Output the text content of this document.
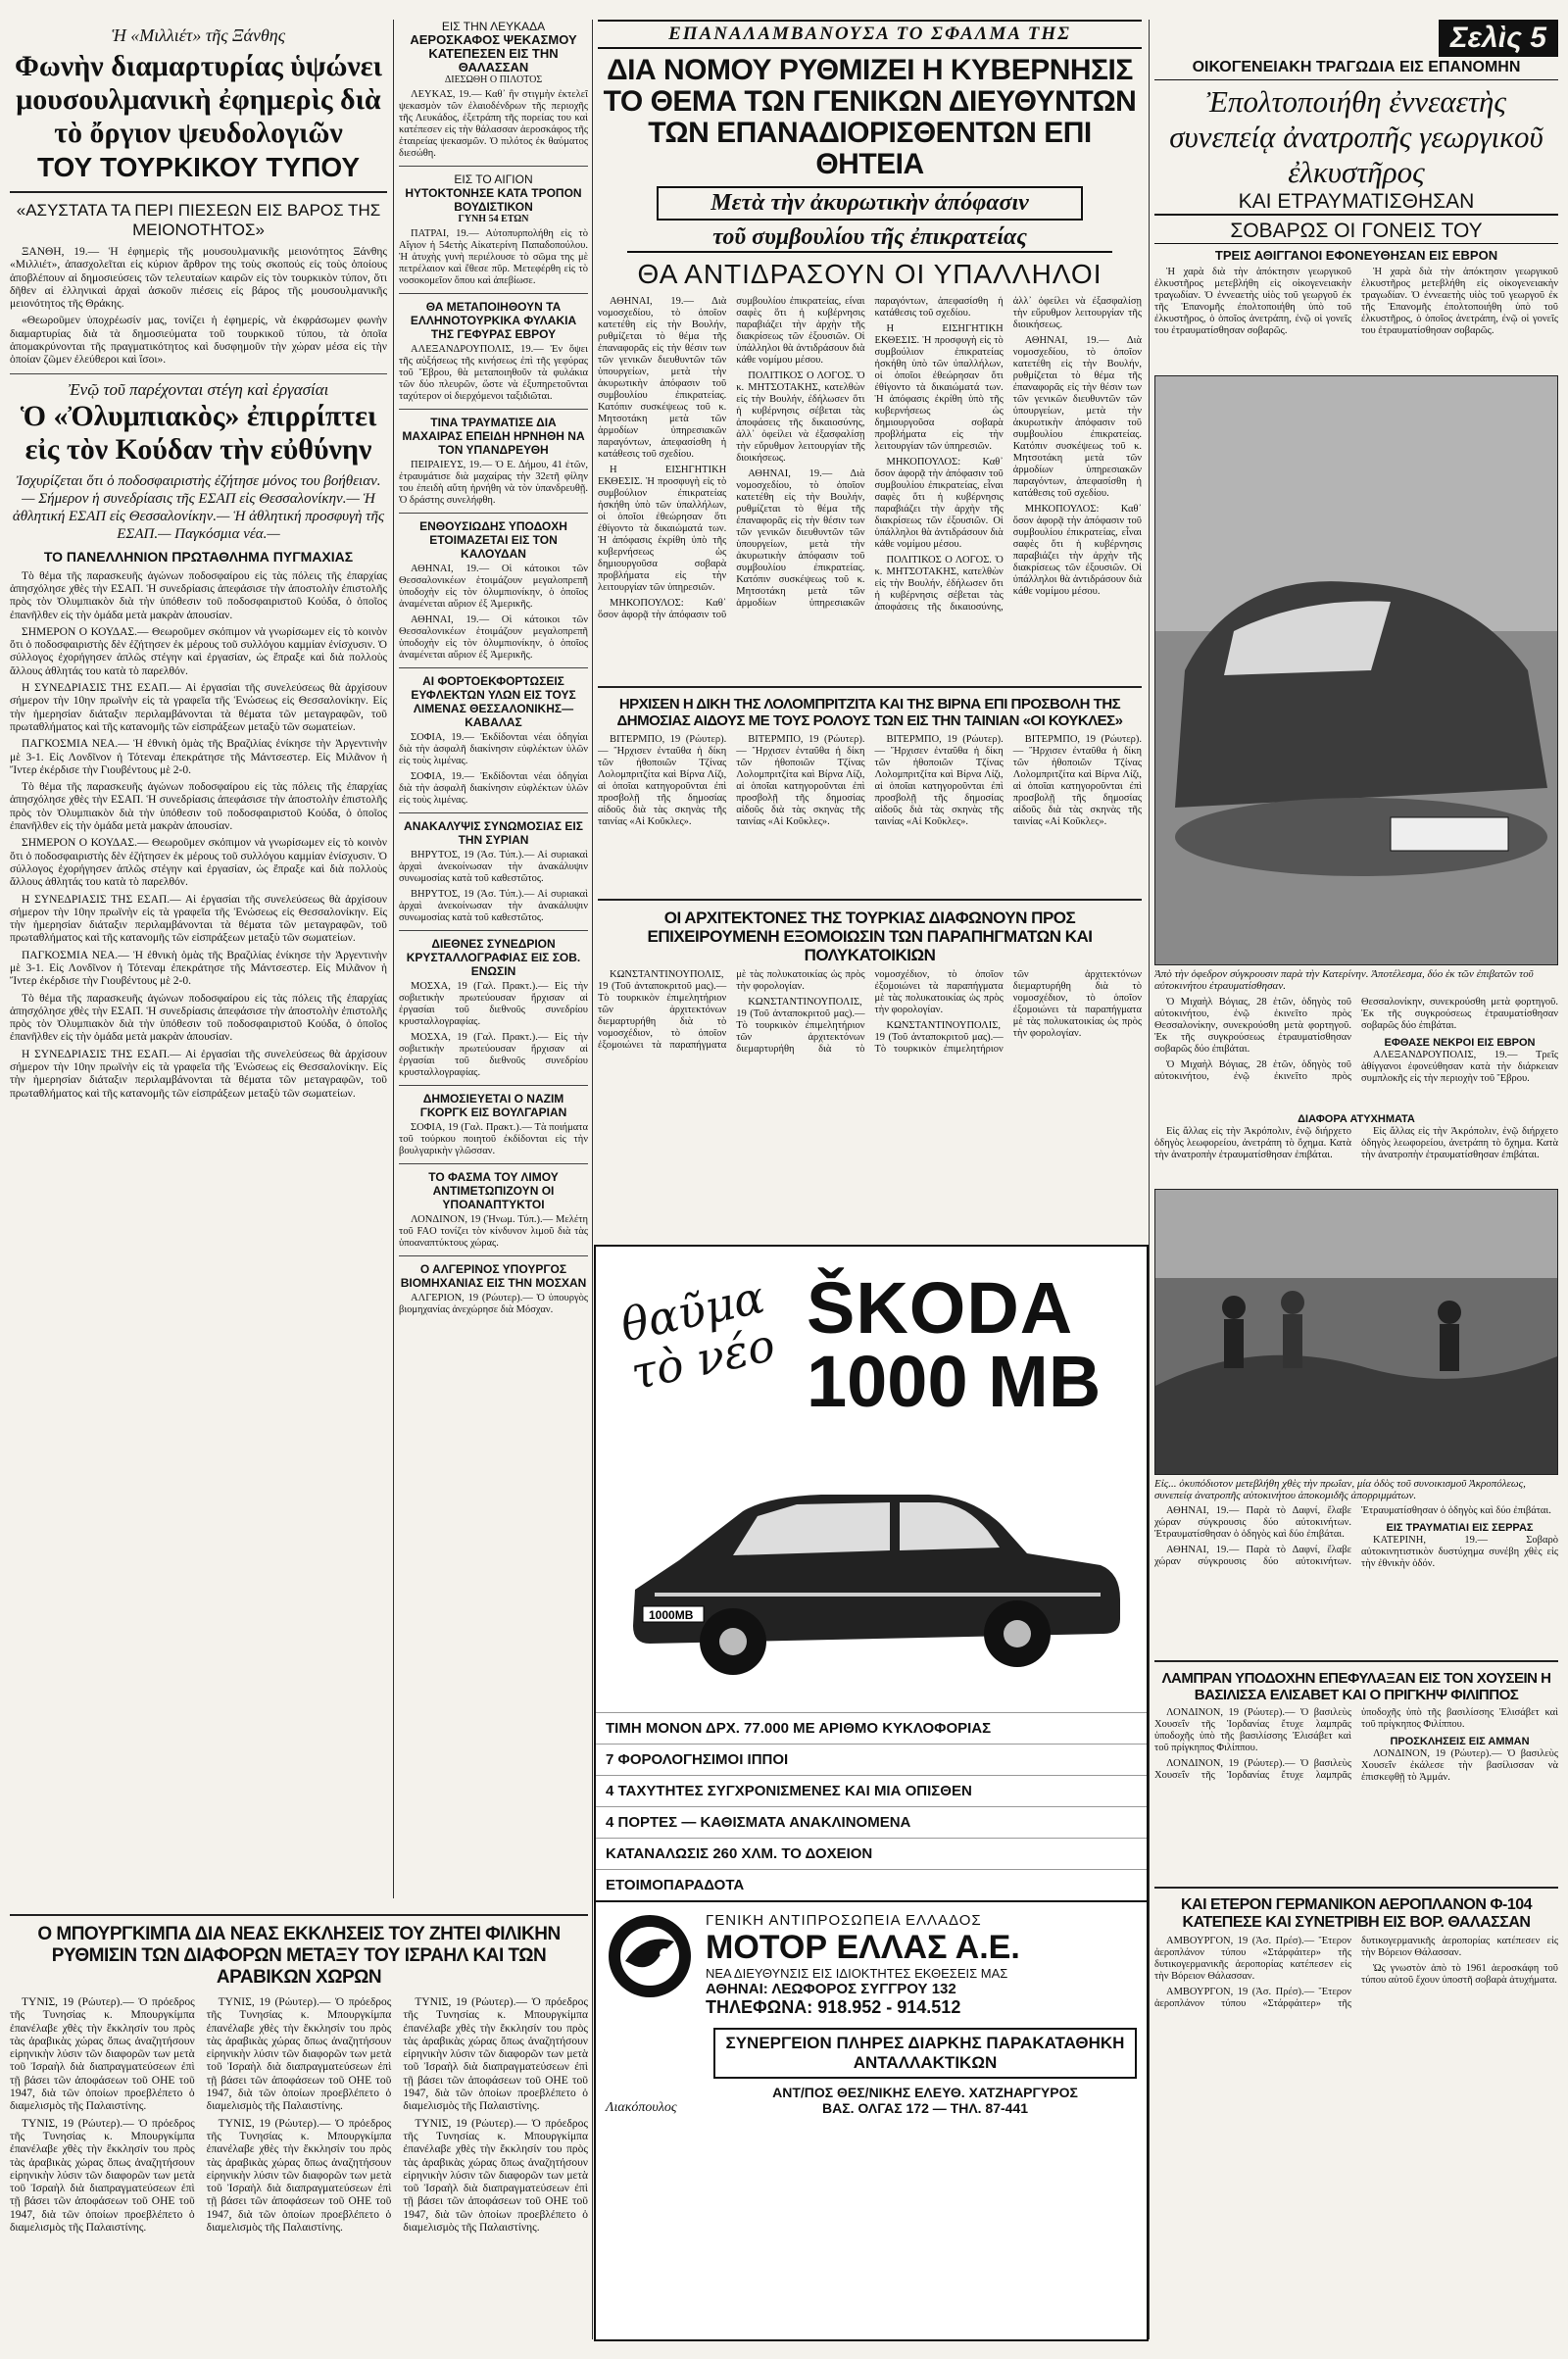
Ἡ «Μιλλιέτ» τῆς Ξάνθης
Φωνὴν διαμαρτυρίας ὑψώνει μουσουλμανικὴ ἐφημερὶς διὰ τὸ ὄργιον ψευδολογιῶν
ΤΟΥ ΤΟΥΡΚΙΚΟΥ ΤΥΠΟΥ
«ΑΣΥΣΤΑΤΑ ΤΑ ΠΕΡΙ ΠΙΕΣΕΩΝ ΕΙΣ ΒΑΡΟΣ ΤΗΣ ΜΕΙΟΝΟΤΗΤΟΣ»

ΞΑΝΘΗ, 19.— Ἡ ἐφημερὶς τῆς μουσουλμανικῆς μειονότητος Ξάνθης «Μιλλιέτ», ἀπασχολεῖται εἰς κύριον ἄρθρον της τοὺς σκοπούς εἰς τοὺς ὁποίους ἀποβλέπουν αἱ δημοσιεύσεις τῶν τελευταίων καιρῶν εἰς τὸν τουρκικὸν τύπον, ὅτι δῆθεν αἱ ἑλληνικαὶ ἀρχαὶ ἀσκοῦν πιέσεις εἰς βάρος τῆς μουσουλμανικῆς μειονότητος τῆς Θράκης.

«Θεωροῦμεν ὑποχρέωσίν μας, τονίζει ἡ ἐφημερίς, νὰ ἐκφράσωμεν φωνὴν διαμαρτυρίας διὰ τὰ δημοσιεύματα τοῦ τουρκικοῦ τύπου, τὰ ὁποῖα ἀπομακρύνονται τῆς πραγματικότητος καὶ δυσφημοῦν τὴν χώραν μέσα εἰς τὴν ὁποίαν ζῶμεν ἐλεύθεροι καὶ ἴσοι».

Ἐνῷ τοῦ παρέχονται στέγη καὶ ἐργασίαι
Ὁ «Ὀλυμπιακὸς» ἐπιρρίπτει εἰς τὸν Κούδαν τὴν εὐθύνην
Ἰσχυρίζεται ὅτι ὁ ποδοσφαιριστὴς ἐζήτησε μόνος του βοήθειαν.— Σήμερον ἡ συνεδρίασις τῆς ΕΣΑΠ εἰς Θεσσαλονίκην.— Ἡ ἀθλητική ΕΣΑΠ εἰς Θεσσαλονίκην.— Ἡ ἀθλητική προσφυγὴ τῆς ΕΣΑΠ.— Παγκόσμια νέα.—
ΤΟ ΠΑΝΕΛΛΗΝΙΟΝ ΠΡΩΤΑΘΛΗΜΑ ΠΥΓΜΑΧΙΑΣ

Τὸ θέμα τῆς παρασκευῆς ἀγώνων ποδοσφαίρου εἰς τὰς πόλεις τῆς ἐπαρχίας ἀπησχόλησε χθὲς τὴν ΕΣΑΠ. Ἡ συνεδρίασις ἀπεφάσισε τὴν ἀποστολὴν ἐπιστολῆς πρὸς τὸν Ὀλυμπιακὸν διὰ τὴν ὑπόθεσιν τοῦ ποδοσφαιριστοῦ Κούδα, ὁ ὁποῖος ἐπανῆλθεν εἰς τὴν ὁμάδα μετὰ μακρὰν ἀπουσίαν.

ΣΗΜΕΡΟΝ Ο ΚΟΥΔΑΣ.— Θεωροῦμεν σκόπιμον νὰ γνωρίσωμεν εἰς τὸ κοινὸν ὅτι ὁ ποδοσφαιριστὴς δὲν ἐζήτησεν ἐκ μέρους τοῦ συλλόγου καμμίαν ἐνίσχυσιν. Ὁ σύλλογος ἐχορήγησεν ἁπλῶς στέγην καὶ ἐργασίαν, ὡς ἔπραξε καὶ διὰ πολλοὺς ἄλλους ἀθλητάς του κατὰ τὸ παρελθόν.

Η ΣΥΝΕΔΡΙΑΣΙΣ ΤΗΣ ΕΣΑΠ.— Αἱ ἐργασίαι τῆς συνελεύσεως θὰ ἀρχίσουν σήμερον τὴν 10ην πρωϊνὴν εἰς τὰ γραφεῖα τῆς Ἑνώσεως εἰς Θεσσαλονίκην. Εἰς τὴν ἡμερησίαν διάταξιν περιλαμβάνονται τὰ θέματα τῶν μεταγραφῶν, τοῦ πρωταθλήματος καὶ τῆς κατανομῆς τῶν εἰσπράξεων μεταξὺ τῶν σωματείων.

ΠΑΓΚΟΣΜΙΑ ΝΕΑ.— Ἡ ἐθνικὴ ὁμὰς τῆς Βραζιλίας ἐνίκησε τὴν Ἀργεντινὴν μὲ 3-1. Εἰς Λονδῖνον ἡ Τότεναμ ἐπεκράτησε τῆς Μάντσεστερ. Εἰς Μιλᾶνον ἡ Ἴντερ ἐκέρδισε τὴν Γιουβέντους μὲ 2-0.

Τὸ θέμα τῆς παρασκευῆς ἀγώνων ποδοσφαίρου εἰς τὰς πόλεις τῆς ἐπαρχίας ἀπησχόλησε χθὲς τὴν ΕΣΑΠ. Ἡ συνεδρίασις ἀπεφάσισε τὴν ἀποστολὴν ἐπιστολῆς πρὸς τὸν Ὀλυμπιακὸν διὰ τὴν ὑπόθεσιν τοῦ ποδοσφαιριστοῦ Κούδα, ὁ ὁποῖος ἐπανῆλθεν εἰς τὴν ὁμάδα μετὰ μακρὰν ἀπουσίαν.

ΣΗΜΕΡΟΝ Ο ΚΟΥΔΑΣ.— Θεωροῦμεν σκόπιμον νὰ γνωρίσωμεν εἰς τὸ κοινὸν ὅτι ὁ ποδοσφαιριστὴς δὲν ἐζήτησεν ἐκ μέρους τοῦ συλλόγου καμμίαν ἐνίσχυσιν. Ὁ σύλλογος ἐχορήγησεν ἁπλῶς στέγην καὶ ἐργασίαν, ὡς ἔπραξε καὶ διὰ πολλοὺς ἄλλους ἀθλητάς του κατὰ τὸ παρελθόν.

Η ΣΥΝΕΔΡΙΑΣΙΣ ΤΗΣ ΕΣΑΠ.— Αἱ ἐργασίαι τῆς συνελεύσεως θὰ ἀρχίσουν σήμερον τὴν 10ην πρωϊνὴν εἰς τὰ γραφεῖα τῆς Ἑνώσεως εἰς Θεσσαλονίκην. Εἰς τὴν ἡμερησίαν διάταξιν περιλαμβάνονται τὰ θέματα τῶν μεταγραφῶν, τοῦ πρωταθλήματος καὶ τῆς κατανομῆς τῶν εἰσπράξεων μεταξὺ τῶν σωματείων.

ΠΑΓΚΟΣΜΙΑ ΝΕΑ.— Ἡ ἐθνικὴ ὁμὰς τῆς Βραζιλίας ἐνίκησε τὴν Ἀργεντινὴν μὲ 3-1. Εἰς Λονδῖνον ἡ Τότεναμ ἐπεκράτησε τῆς Μάντσεστερ. Εἰς Μιλᾶνον ἡ Ἴντερ ἐκέρδισε τὴν Γιουβέντους μὲ 2-0.

Τὸ θέμα τῆς παρασκευῆς ἀγώνων ποδοσφαίρου εἰς τὰς πόλεις τῆς ἐπαρχίας ἀπησχόλησε χθὲς τὴν ΕΣΑΠ. Ἡ συνεδρίασις ἀπεφάσισε τὴν ἀποστολὴν ἐπιστολῆς πρὸς τὸν Ὀλυμπιακὸν διὰ τὴν ὑπόθεσιν τοῦ ποδοσφαιριστοῦ Κούδα, ὁ ὁποῖος ἐπανῆλθεν εἰς τὴν ὁμάδα μετὰ μακρὰν ἀπουσίαν.

Η ΣΥΝΕΔΡΙΑΣΙΣ ΤΗΣ ΕΣΑΠ.— Αἱ ἐργασίαι τῆς συνελεύσεως θὰ ἀρχίσουν σήμερον τὴν 10ην πρωϊνὴν εἰς τὰ γραφεῖα τῆς Ἑνώσεως εἰς Θεσσαλονίκην. Εἰς τὴν ἡμερησίαν διάταξιν περιλαμβάνονται τὰ θέματα τῶν μεταγραφῶν, τοῦ πρωταθλήματος καὶ τῆς κατανομῆς τῶν εἰσπράξεων μεταξὺ τῶν σωματείων.

Ο ΜΠΟΥΡΓΚΙΜΠΑ ΔΙΑ ΝΕΑΣ ΕΚΚΛΗΣΕΙΣ ΤΟΥ ΖΗΤΕΙ ΦΙΛΙΚΗΝ ΡΥΘΜΙΣΙΝ ΤΩΝ ΔΙΑΦΟΡΩΝ ΜΕΤΑΞΥ ΤΟΥ ΙΣΡΑΗΛ ΚΑΙ ΤΩΝ ΑΡΑΒΙΚΩΝ ΧΩΡΩΝ

ΤΥΝΙΣ, 19 (Ρώυτερ).— Ὁ πρόεδρος τῆς Τυνησίας κ. Μπουργκίμπα ἐπανέλαβε χθὲς τὴν ἔκκλησίν του πρὸς τὰς ἀραβικὰς χώρας ὅπως ἀναζητήσουν εἰρηνικὴν λύσιν τῶν διαφορῶν των μετὰ τοῦ Ἰσραὴλ διὰ διαπραγματεύσεων ἐπὶ τῇ βάσει τῶν ἀποφάσεων τοῦ ΟΗΕ τοῦ 1947, διὰ τῶν ὁποίων προεβλέπετο ὁ διαμελισμὸς τῆς Παλαιστίνης.

ΤΥΝΙΣ, 19 (Ρώυτερ).— Ὁ πρόεδρος τῆς Τυνησίας κ. Μπουργκίμπα ἐπανέλαβε χθὲς τὴν ἔκκλησίν του πρὸς τὰς ἀραβικὰς χώρας ὅπως ἀναζητήσουν εἰρηνικὴν λύσιν τῶν διαφορῶν των μετὰ τοῦ Ἰσραὴλ διὰ διαπραγματεύσεων ἐπὶ τῇ βάσει τῶν ἀποφάσεων τοῦ ΟΗΕ τοῦ 1947, διὰ τῶν ὁποίων προεβλέπετο ὁ διαμελισμὸς τῆς Παλαιστίνης.

ΤΥΝΙΣ, 19 (Ρώυτερ).— Ὁ πρόεδρος τῆς Τυνησίας κ. Μπουργκίμπα ἐπανέλαβε χθὲς τὴν ἔκκλησίν του πρὸς τὰς ἀραβικὰς χώρας ὅπως ἀναζητήσουν εἰρηνικὴν λύσιν τῶν διαφορῶν των μετὰ τοῦ Ἰσραὴλ διὰ διαπραγματεύσεων ἐπὶ τῇ βάσει τῶν ἀποφάσεων τοῦ ΟΗΕ τοῦ 1947, διὰ τῶν ὁποίων προεβλέπετο ὁ διαμελισμὸς τῆς Παλαιστίνης.

ΤΥΝΙΣ, 19 (Ρώυτερ).— Ὁ πρόεδρος τῆς Τυνησίας κ. Μπουργκίμπα ἐπανέλαβε χθὲς τὴν ἔκκλησίν του πρὸς τὰς ἀραβικὰς χώρας ὅπως ἀναζητήσουν εἰρηνικὴν λύσιν τῶν διαφορῶν των μετὰ τοῦ Ἰσραὴλ διὰ διαπραγματεύσεων ἐπὶ τῇ βάσει τῶν ἀποφάσεων τοῦ ΟΗΕ τοῦ 1947, διὰ τῶν ὁποίων προεβλέπετο ὁ διαμελισμὸς τῆς Παλαιστίνης.

ΤΥΝΙΣ, 19 (Ρώυτερ).— Ὁ πρόεδρος τῆς Τυνησίας κ. Μπουργκίμπα ἐπανέλαβε χθὲς τὴν ἔκκλησίν του πρὸς τὰς ἀραβικὰς χώρας ὅπως ἀναζητήσουν εἰρηνικὴν λύσιν τῶν διαφορῶν των μετὰ τοῦ Ἰσραὴλ διὰ διαπραγματεύσεων ἐπὶ τῇ βάσει τῶν ἀποφάσεων τοῦ ΟΗΕ τοῦ 1947, διὰ τῶν ὁποίων προεβλέπετο ὁ διαμελισμὸς τῆς Παλαιστίνης.

ΤΥΝΙΣ, 19 (Ρώυτερ).— Ὁ πρόεδρος τῆς Τυνησίας κ. Μπουργκίμπα ἐπανέλαβε χθὲς τὴν ἔκκλησίν του πρὸς τὰς ἀραβικὰς χώρας ὅπως ἀναζητήσουν εἰρηνικὴν λύσιν τῶν διαφορῶν των μετὰ τοῦ Ἰσραὴλ διὰ διαπραγματεύσεων ἐπὶ τῇ βάσει τῶν ἀποφάσεων τοῦ ΟΗΕ τοῦ 1947, διὰ τῶν ὁποίων προεβλέπετο ὁ διαμελισμὸς τῆς Παλαιστίνης.

ΕΙΣ ΤΗΝ ΛΕΥΚΑΔΑ
ΑΕΡΟΣΚΑΦΟΣ ΨΕΚΑΣΜΟΥ ΚΑΤΕΠΕΣΕΝ ΕΙΣ ΤΗΝ ΘΑΛΑΣΣΑΝ
ΔΙΕΣΩΘΗ Ο ΠΙΛΟΤΟΣ

ΛΕΥΚΑΣ, 19.— Καθ᾽ ἣν στιγμὴν ἐκτελεῖ ψεκασμὸν τῶν ἐλαιοδένδρων τῆς περιοχῆς τῆς Λευκάδος, ἐξετράπη τῆς πορείας του καὶ κατέπεσεν εἰς τὴν θάλασσαν ἀεροσκάφος τῆς ἐταιρείας ψεκασμῶν. Ὁ πιλότος ἐκ θαύματος διεσώθη.

ΕΙΣ ΤΟ ΑΙΓΙΟΝ
ΗΥΤΟΚΤΟΝΗΣΕ ΚΑΤΑ ΤΡΟΠΟΝ ΒΟΥΔΙΣΤΙΚΟΝ
ΓΥΝΗ 54 ΕΤΩΝ

ΠΑΤΡΑΙ, 19.— Αὐτοπυρπολήθη εἰς τὸ Αἴγιον ἡ 54ετὴς Αἰκατερίνη Παπαδοπούλου. Ἡ ἀτυχὴς γυνὴ περιέλουσε τὸ σῶμα της μὲ πετρέλαιον καὶ ἔθεσε πῦρ. Μετεφέρθη εἰς τὸ νοσοκομεῖον ὅπου καὶ ἀπεβίωσε.

ΘΑ ΜΕΤΑΠΟΙΗΘΟΥΝ ΤΑ ΕΛΛΗΝΟΤΟΥΡΚΙΚΑ ΦΥΛΑΚΙΑ ΤΗΣ ΓΕΦΥΡΑΣ ΕΒΡΟΥ

ΑΛΕΞΑΝΔΡΟΥΠΟΛΙΣ, 19.— Ἐν ὄψει τῆς αὐξήσεως τῆς κινήσεως ἐπὶ τῆς γεφύρας τοῦ Ἕβρου, θὰ μεταποιηθοῦν τὰ φυλάκια τῶν δύο πλευρῶν, ὥστε νὰ ἐξυπηρετοῦνται ταχύτερον οἱ διερχόμενοι ταξιδιῶται.

ΤΙΝΑ ΤΡΑΥΜΑΤΙΣΕ ΔΙΑ ΜΑΧΑΙΡΑΣ ΕΠΕΙΔΗ ΗΡΝΗΘΗ ΝΑ ΤΟΝ ΥΠΑΝΔΡΕΥΘΗ

ΠΕΙΡΑΙΕΥΣ, 19.— Ὁ Ε. Δήμου, 41 ἐτῶν, ἐτραυμάτισε διὰ μαχαίρας τὴν 32ετῆ φίλην του ἐπειδὴ αὕτη ἠρνήθη νὰ τὸν ὑπανδρευθῇ. Ὁ δράστης συνελήφθη.

ΕΝΘΟΥΣΙΩΔΗΣ ΥΠΟΔΟΧΗ ΕΤΟΙΜΑΖΕΤΑΙ ΕΙΣ ΤΟΝ ΚΑΛΟΥΔΑΝ

ΑΘΗΝΑΙ, 19.— Οἱ κάτοικοι τῶν Θεσσαλονικέων ἑτοιμάζουν μεγαλοπρεπῆ ὑποδοχὴν εἰς τὸν ὀλυμπιονίκην, ὁ ὁποῖος ἀναμένεται αὔριον ἐξ Ἀμερικῆς.

ΑΘΗΝΑΙ, 19.— Οἱ κάτοικοι τῶν Θεσσαλονικέων ἑτοιμάζουν μεγαλοπρεπῆ ὑποδοχὴν εἰς τὸν ὀλυμπιονίκην, ὁ ὁποῖος ἀναμένεται αὔριον ἐξ Ἀμερικῆς.

ΑΙ ΦΟΡΤΟΕΚΦΟΡΤΩΣΕΙΣ ΕΥΦΛΕΚΤΩΝ ΥΛΩΝ ΕΙΣ ΤΟΥΣ ΛΙΜΕΝΑΣ ΘΕΣΣΑΛΟΝΙΚΗΣ—ΚΑΒΑΛΑΣ

ΣΟΦΙΑ, 19.— Ἐκδίδονται νέαι ὁδηγίαι διὰ τὴν ἀσφαλῆ διακίνησιν εὐφλέκτων ὑλῶν εἰς τοὺς λιμένας.

ΣΟΦΙΑ, 19.— Ἐκδίδονται νέαι ὁδηγίαι διὰ τὴν ἀσφαλῆ διακίνησιν εὐφλέκτων ὑλῶν εἰς τοὺς λιμένας.

ΑΝΑΚΑΛΥΨΙΣ ΣΥΝΩΜΟΣΙΑΣ ΕΙΣ ΤΗΝ ΣΥΡΙΑΝ

ΒΗΡΥΤΟΣ, 19 (Ἀσ. Τύπ.).— Αἱ συριακαὶ ἀρχαὶ ἀνεκοίνωσαν τὴν ἀνακάλυψιν συνωμοσίας κατὰ τοῦ καθεστῶτος.

ΒΗΡΥΤΟΣ, 19 (Ἀσ. Τύπ.).— Αἱ συριακαὶ ἀρχαὶ ἀνεκοίνωσαν τὴν ἀνακάλυψιν συνωμοσίας κατὰ τοῦ καθεστῶτος.

ΔΙΕΘΝΕΣ ΣΥΝΕΔΡΙΟΝ ΚΡΥΣΤΑΛΛΟΓΡΑΦΙΑΣ ΕΙΣ ΣΟΒ. ΕΝΩΣΙΝ

ΜΟΣΧΑ, 19 (Γαλ. Πρακτ.).— Εἰς τὴν σοβιετικὴν πρωτεύουσαν ἤρχισαν αἱ ἐργασίαι τοῦ διεθνοῦς συνεδρίου κρυσταλλογραφίας.

ΜΟΣΧΑ, 19 (Γαλ. Πρακτ.).— Εἰς τὴν σοβιετικὴν πρωτεύουσαν ἤρχισαν αἱ ἐργασίαι τοῦ διεθνοῦς συνεδρίου κρυσταλλογραφίας.

ΔΗΜΟΣΙΕΥΕΤΑΙ Ο ΝΑΖΙΜ ΓΚΟΡΓΚ ΕΙΣ ΒΟΥΛΓΑΡΙΑΝ

ΣΟΦΙΑ, 19 (Γαλ. Πρακτ.).— Τὰ ποιήματα τοῦ τούρκου ποιητοῦ ἐκδίδονται εἰς τὴν βουλγαρικὴν γλῶσσαν.

ΤΟ ΦΑΣΜΑ ΤΟΥ ΛΙΜΟΥ ΑΝΤΙΜΕΤΩΠΙΖΟΥΝ ΟΙ ΥΠΟΑΝΑΠΤΥΚΤΟΙ

ΛΟΝΔΙΝΟΝ, 19 (Ἠνωμ. Τύπ.).— Μελέτη τοῦ FAO τονίζει τὸν κίνδυνον λιμοῦ διὰ τὰς ὑποαναπτύκτους χώρας.

Ο ΑΛΓΕΡΙΝΟΣ ΥΠΟΥΡΓΟΣ ΒΙΟΜΗΧΑΝΙΑΣ ΕΙΣ ΤΗΝ ΜΟΣΧΑΝ

ΑΛΓΕΡΙΟΝ, 19 (Ρώυτερ).— Ὁ ὑπουργὸς βιομηχανίας ἀνεχώρησε διὰ Μόσχαν.

ΕΠΑΝΑΛΑΜΒΑΝΟΥΣΑ ΤΟ ΣΦΑΛΜΑ ΤΗΣ
ΔΙΑ ΝΟΜΟΥ ΡΥΘΜΙΖΕΙ Η ΚΥΒΕΡΝΗΣΙΣ ΤΟ ΘΕΜΑ ΤΩΝ ΓΕΝΙΚΩΝ ΔΙΕΥΘΥΝΤΩΝ ΤΩΝ ΕΠΑΝΑΔΙΟΡΙΣΘΕΝΤΩΝ ΕΠΙ ΘΗΤΕΙΑ
Μετὰ τὴν ἀκυρωτικὴν ἀπόφασιν
τοῦ συμβουλίου τῆς ἐπικρατείας
ΘΑ ΑΝΤΙΔΡΑΣΟΥΝ ΟΙ ΥΠΑΛΛΗΛΟΙ

ΑΘΗΝΑΙ, 19.— Διὰ νομοσχεδίου, τὸ ὁποῖον κατετέθη εἰς τὴν Βουλήν, ρυθμίζεται τὸ θέμα τῆς ἐπαναφορᾶς εἰς τὴν θέσιν των τῶν γενικῶν διευθυντῶν τῶν ὑπουργείων, μετὰ τὴν ἀκυρωτικὴν ἀπόφασιν τοῦ συμβουλίου ἐπικρατείας. Κατόπιν συσκέψεως τοῦ κ. Μητσοτάκη μετὰ τῶν ἁρμοδίων ὑπηρεσιακῶν παραγόντων, ἀπεφασίσθη ἡ κατάθεσις τοῦ σχεδίου.

Η ΕΙΣΗΓΗΤΙΚΗ ΕΚΘΕΣΙΣ. Ἡ προσφυγὴ εἰς τὸ συμβούλιον ἐπικρατείας ἠσκήθη ὑπὸ τῶν ὑπαλλήλων, οἱ ὁποῖοι ἐθεώρησαν ὅτι ἐθίγοντο τὰ δικαιώματά των. Ἡ ἀπόφασις ἐκρίθη ὑπὸ τῆς κυβερνήσεως ὡς δημιουργοῦσα σοβαρὰ προβλήματα εἰς τὴν λειτουργίαν τῶν ὑπηρεσιῶν.

ΜΗΚΟΠΟΥΛΟΣ: Καθ᾽ ὅσον ἀφορᾷ τὴν ἀπόφασιν τοῦ συμβουλίου ἐπικρατείας, εἶναι σαφὲς ὅτι ἡ κυβέρνησις παραβιάζει τὴν ἀρχὴν τῆς διακρίσεως τῶν ἐξουσιῶν. Οἱ ὑπάλληλοι θὰ ἀντιδράσουν διὰ κάθε νομίμου μέσου.

ΠΟΛΙΤΙΚΟΣ Ο ΛΟΓΟΣ. Ὁ κ. ΜΗΤΣΟΤΑΚΗΣ, κατελθὼν εἰς τὴν Βουλήν, ἐδήλωσεν ὅτι ἡ κυβέρνησις σέβεται τὰς ἀποφάσεις τῆς δικαιοσύνης, ἀλλ᾽ ὀφείλει νὰ ἐξασφαλίσῃ τὴν εὔρυθμον λειτουργίαν τῆς διοικήσεως.

ΑΘΗΝΑΙ, 19.— Διὰ νομοσχεδίου, τὸ ὁποῖον κατετέθη εἰς τὴν Βουλήν, ρυθμίζεται τὸ θέμα τῆς ἐπαναφορᾶς εἰς τὴν θέσιν των τῶν γενικῶν διευθυντῶν τῶν ὑπουργείων, μετὰ τὴν ἀκυρωτικὴν ἀπόφασιν τοῦ συμβουλίου ἐπικρατείας. Κατόπιν συσκέψεως τοῦ κ. Μητσοτάκη μετὰ τῶν ἁρμοδίων ὑπηρεσιακῶν παραγόντων, ἀπεφασίσθη ἡ κατάθεσις τοῦ σχεδίου.

Η ΕΙΣΗΓΗΤΙΚΗ ΕΚΘΕΣΙΣ. Ἡ προσφυγὴ εἰς τὸ συμβούλιον ἐπικρατείας ἠσκήθη ὑπὸ τῶν ὑπαλλήλων, οἱ ὁποῖοι ἐθεώρησαν ὅτι ἐθίγοντο τὰ δικαιώματά των. Ἡ ἀπόφασις ἐκρίθη ὑπὸ τῆς κυβερνήσεως ὡς δημιουργοῦσα σοβαρὰ προβλήματα εἰς τὴν λειτουργίαν τῶν ὑπηρεσιῶν.

ΜΗΚΟΠΟΥΛΟΣ: Καθ᾽ ὅσον ἀφορᾷ τὴν ἀπόφασιν τοῦ συμβουλίου ἐπικρατείας, εἶναι σαφὲς ὅτι ἡ κυβέρνησις παραβιάζει τὴν ἀρχὴν τῆς διακρίσεως τῶν ἐξουσιῶν. Οἱ ὑπάλληλοι θὰ ἀντιδράσουν διὰ κάθε νομίμου μέσου.

ΠΟΛΙΤΙΚΟΣ Ο ΛΟΓΟΣ. Ὁ κ. ΜΗΤΣΟΤΑΚΗΣ, κατελθὼν εἰς τὴν Βουλήν, ἐδήλωσεν ὅτι ἡ κυβέρνησις σέβεται τὰς ἀποφάσεις τῆς δικαιοσύνης, ἀλλ᾽ ὀφείλει νὰ ἐξασφαλίσῃ τὴν εὔρυθμον λειτουργίαν τῆς διοικήσεως.

ΑΘΗΝΑΙ, 19.— Διὰ νομοσχεδίου, τὸ ὁποῖον κατετέθη εἰς τὴν Βουλήν, ρυθμίζεται τὸ θέμα τῆς ἐπαναφορᾶς εἰς τὴν θέσιν των τῶν γενικῶν διευθυντῶν τῶν ὑπουργείων, μετὰ τὴν ἀκυρωτικὴν ἀπόφασιν τοῦ συμβουλίου ἐπικρατείας. Κατόπιν συσκέψεως τοῦ κ. Μητσοτάκη μετὰ τῶν ἁρμοδίων ὑπηρεσιακῶν παραγόντων, ἀπεφασίσθη ἡ κατάθεσις τοῦ σχεδίου.

ΜΗΚΟΠΟΥΛΟΣ: Καθ᾽ ὅσον ἀφορᾷ τὴν ἀπόφασιν τοῦ συμβουλίου ἐπικρατείας, εἶναι σαφὲς ὅτι ἡ κυβέρνησις παραβιάζει τὴν ἀρχὴν τῆς διακρίσεως τῶν ἐξουσιῶν. Οἱ ὑπάλληλοι θὰ ἀντιδράσουν διὰ κάθε νομίμου μέσου.

ΗΡΧΙΣΕΝ Η ΔΙΚΗ ΤΗΣ ΛΟΛΟΜΠΡΙΤΖΙΤΑ ΚΑΙ ΤΗΣ ΒΙΡΝΑ ΕΠΙ ΠΡΟΣΒΟΛΗ ΤΗΣ ΔΗΜΟΣΙΑΣ ΑΙΔΟΥΣ ΜΕ ΤΟΥΣ ΡΟΛΟΥΣ ΤΩΝ ΕΙΣ ΤΗΝ ΤΑΙΝΙΑΝ «ΟΙ ΚΟΥΚΛΕΣ»

ΒΙΤΕΡΜΠΟ, 19 (Ρώυτερ).— Ἤρχισεν ἐνταῦθα ἡ δίκη τῶν ἠθοποιῶν Τζίνας Λολομπριτζίτα καὶ Βίρνα Λίζι, αἱ ὁποῖαι κατηγοροῦνται ἐπὶ προσβολῇ τῆς δημοσίας αἰδοῦς διὰ τὰς σκηνὰς τῆς ταινίας «Αἱ Κοῦκλες».

ΒΙΤΕΡΜΠΟ, 19 (Ρώυτερ).— Ἤρχισεν ἐνταῦθα ἡ δίκη τῶν ἠθοποιῶν Τζίνας Λολομπριτζίτα καὶ Βίρνα Λίζι, αἱ ὁποῖαι κατηγοροῦνται ἐπὶ προσβολῇ τῆς δημοσίας αἰδοῦς διὰ τὰς σκηνὰς τῆς ταινίας «Αἱ Κοῦκλες».

ΒΙΤΕΡΜΠΟ, 19 (Ρώυτερ).— Ἤρχισεν ἐνταῦθα ἡ δίκη τῶν ἠθοποιῶν Τζίνας Λολομπριτζίτα καὶ Βίρνα Λίζι, αἱ ὁποῖαι κατηγοροῦνται ἐπὶ προσβολῇ τῆς δημοσίας αἰδοῦς διὰ τὰς σκηνὰς τῆς ταινίας «Αἱ Κοῦκλες».

ΒΙΤΕΡΜΠΟ, 19 (Ρώυτερ).— Ἤρχισεν ἐνταῦθα ἡ δίκη τῶν ἠθοποιῶν Τζίνας Λολομπριτζίτα καὶ Βίρνα Λίζι, αἱ ὁποῖαι κατηγοροῦνται ἐπὶ προσβολῇ τῆς δημοσίας αἰδοῦς διὰ τὰς σκηνὰς τῆς ταινίας «Αἱ Κοῦκλες».

ΟΙ ΑΡΧΙΤΕΚΤΟΝΕΣ ΤΗΣ ΤΟΥΡΚΙΑΣ ΔΙΑΦΩΝΟΥΝ ΠΡΟΣ ΕΠΙΧΕΙΡΟΥΜΕΝΗ ΕΞΟΜΟΙΩΣΙΝ ΤΩΝ ΠΑΡΑΠΗΓΜΑΤΩΝ ΚΑΙ ΠΟΛΥΚΑΤΟΙΚΙΩΝ

ΚΩΝΣΤΑΝΤΙΝΟΥΠΟΛΙΣ, 19 (Τοῦ ἀνταποκριτοῦ μας).— Τὸ τουρκικὸν ἐπιμελητήριον τῶν ἀρχιτεκτόνων διεμαρτυρήθη διὰ τὸ νομοσχέδιον, τὸ ὁποῖον ἐξομοιώνει τὰ παραπήγματα μὲ τὰς πολυκατοικίας ὡς πρὸς τὴν φορολογίαν.

ΚΩΝΣΤΑΝΤΙΝΟΥΠΟΛΙΣ, 19 (Τοῦ ἀνταποκριτοῦ μας).— Τὸ τουρκικὸν ἐπιμελητήριον τῶν ἀρχιτεκτόνων διεμαρτυρήθη διὰ τὸ νομοσχέδιον, τὸ ὁποῖον ἐξομοιώνει τὰ παραπήγματα μὲ τὰς πολυκατοικίας ὡς πρὸς τὴν φορολογίαν.

ΚΩΝΣΤΑΝΤΙΝΟΥΠΟΛΙΣ, 19 (Τοῦ ἀνταποκριτοῦ μας).— Τὸ τουρκικὸν ἐπιμελητήριον τῶν ἀρχιτεκτόνων διεμαρτυρήθη διὰ τὸ νομοσχέδιον, τὸ ὁποῖον ἐξομοιώνει τὰ παραπήγματα μὲ τὰς πολυκατοικίας ὡς πρὸς τὴν φορολογίαν.

θαῦμα τὸ νέο
ŠKODA
1000 MB
1000MB
ΤΙΜΗ ΜΟΝΟΝ ΔΡΧ. 77.000 ΜΕ ΑΡΙΘΜΟ ΚΥΚΛΟΦΟΡΙΑΣ
7 ΦΟΡΟΛΟΓΗΣΙΜΟΙ ΙΠΠΟΙ
4 ΤΑΧΥΤΗΤΕΣ ΣΥΓΧΡΟΝΙΣΜΕΝΕΣ ΚΑΙ ΜΙΑ ΟΠΙΣΘΕΝ
4 ΠΟΡΤΕΣ — ΚΑΘΙΣΜΑΤΑ ΑΝΑΚΛΙΝΟΜΕΝΑ
ΚΑΤΑΝΑΛΩΣΙΣ 260 ΧΛΜ. ΤΟ ΔΟΧΕΙΟΝ
ΕΤΟΙΜΟΠΑΡΑΔΟΤΑ
ΓΕΝΙΚΗ ΑΝΤΙΠΡΟΣΩΠΕΙΑ ΕΛΛΑΔΟΣ
ΜΟΤΟΡ ΕΛΛΑΣ Α.Ε.
ΝΕΑ ΔΙΕΥΘΥΝΣΙΣ ΕΙΣ ΙΔΙΟΚΤΗΤΕΣ ΕΚΘΕΣΕΙΣ ΜΑΣ
ΑΘΗΝΑΙ: ΛΕΩΦΟΡΟΣ ΣΥΓΓΡΟΥ 132
ΤΗΛΕΦΩΝΑ: 918.952 - 914.512
Λιακόπουλος
ΣΥΝΕΡΓΕΙΟΝ ΠΛΗΡΕΣ ΔΙΑΡΚΗΣ ΠΑΡΑΚΑΤΑΘΗΚΗ ΑΝΤΑΛΛΑΚΤΙΚΩΝ
ΑΝΤ/ΠΟΣ ΘΕΣ/ΝΙΚΗΣ ΕΛΕΥΘ. ΧΑΤΖΗΑΡΓΥΡΟΣ
ΒΑΣ. ΟΛΓΑΣ 172 — ΤΗΛ. 87-441
Σελὶς 5
ΟΙΚΟΓΕΝΕΙΑΚΗ ΤΡΑΓΩΔΙΑ ΕΙΣ ΕΠΑΝΟΜΗΝ
Ἐπολτοποιήθη ἐννεαετὴς συνεπείᾳ ἀνατροπῆς γεωργικοῦ ἐλκυστῆρος
ΚΑΙ ΕΤΡΑΥΜΑΤΙΣΘΗΣΑΝ
ΣΟΒΑΡΩΣ ΟΙ ΓΟΝΕΙΣ ΤΟΥ
ΤΡΕΙΣ ΑΘΙΓΓΑΝΟΙ ΕΦΟΝΕΥΘΗΣΑΝ ΕΙΣ ΕΒΡΟΝ

Ἡ χαρὰ διὰ τὴν ἀπόκτησιν γεωργικοῦ ἐλκυστῆρος μετεβλήθη εἰς οἰκογενειακὴν τραγωδίαν. Ὁ ἐννεαετὴς υἱὸς τοῦ γεωργοῦ ἐκ τῆς Ἐπανομῆς ἐπολτοποιήθη ὑπὸ τοῦ ἐλκυστῆρος, ὁ ὁποῖος ἀνετράπη, ἐνῷ οἱ γονεῖς του ἐτραυματίσθησαν σοβαρῶς.

Ἡ χαρὰ διὰ τὴν ἀπόκτησιν γεωργικοῦ ἐλκυστῆρος μετεβλήθη εἰς οἰκογενειακὴν τραγωδίαν. Ὁ ἐννεαετὴς υἱὸς τοῦ γεωργοῦ ἐκ τῆς Ἐπανομῆς ἐπολτοποιήθη ὑπὸ τοῦ ἐλκυστῆρος, ὁ ὁποῖος ἀνετράπη, ἐνῷ οἱ γονεῖς του ἐτραυματίσθησαν σοβαρῶς.

Ἀπὸ τὴν ὁφεδρον σύγκρουσιν παρὰ τὴν Κατερίνην. Ἀποτέλεσμα, δύο ἐκ τῶν ἐπιβατῶν τοῦ αὐτοκινήτου ἐτραυματίσθησαν.

Ὁ Μιχαὴλ Βόγιας, 28 ἐτῶν, ὁδηγὸς τοῦ αὐτοκινήτου, ἐνῷ ἐκινεῖτο πρὸς Θεσσαλονίκην, συνεκρούσθη μετὰ φορτηγοῦ. Ἐκ τῆς συγκρούσεως ἐτραυματίσθησαν σοβαρῶς δύο ἐπιβάται.

Ὁ Μιχαὴλ Βόγιας, 28 ἐτῶν, ὁδηγὸς τοῦ αὐτοκινήτου, ἐνῷ ἐκινεῖτο πρὸς Θεσσαλονίκην, συνεκρούσθη μετὰ φορτηγοῦ. Ἐκ τῆς συγκρούσεως ἐτραυματίσθησαν σοβαρῶς δύο ἐπιβάται.

ΕΦΘΑΣΕ ΝΕΚΡΟΙ ΕΙΣ ΕΒΡΟΝ

ΑΛΕΞΑΝΔΡΟΥΠΟΛΙΣ, 19.— Τρεῖς ἀθίγγανοι ἐφονεύθησαν κατὰ τὴν διάρκειαν συμπλοκῆς εἰς τὴν περιοχὴν τοῦ Ἕβρου.

ΔΙΑΦΟΡΑ ΑΤΥΧΗΜΑΤΑ

Εἰς ἄλλας εἰς τὴν Ἀκρόπολιν, ἐνῷ διήρχετο ὁδηγὸς λεωφορείου, ἀνετράπη τὸ ὄχημα. Κατὰ τὴν ἀνατροπὴν ἐτραυματίσθησαν ἐπιβάται.

Εἰς ἄλλας εἰς τὴν Ἀκρόπολιν, ἐνῷ διήρχετο ὁδηγὸς λεωφορείου, ἀνετράπη τὸ ὄχημα. Κατὰ τὴν ἀνατροπὴν ἐτραυματίσθησαν ἐπιβάται.

Εἰς... ὀκυπόδιοτον μετεβλήθη χθὲς τὴν πρωΐαν, μία ὁδὸς τοῦ συνοικισμοῦ Ἀκροπόλεως, συνεπείᾳ ἀνατροπῆς αὐτοκινήτου ἀποκομιδῆς ἀπορριμμάτων.

ΑΘΗΝΑΙ, 19.— Παρὰ τὸ Δαφνί, ἔλαβε χώραν σύγκρουσις δύο αὐτοκινήτων. Ἐτραυματίσθησαν ὁ ὁδηγὸς καὶ δύο ἐπιβάται.

ΑΘΗΝΑΙ, 19.— Παρὰ τὸ Δαφνί, ἔλαβε χώραν σύγκρουσις δύο αὐτοκινήτων. Ἐτραυματίσθησαν ὁ ὁδηγὸς καὶ δύο ἐπιβάται.

ΕΙΣ ΤΡΑΥΜΑΤΙΑΙ ΕΙΣ ΣΕΡΡΑΣ

ΚΑΤΕΡΙΝΗ, 19.— Σοβαρὸ αὐτοκινητιστικὸν δυστύχημα συνέβη χθὲς εἰς τὴν ἐθνικὴν ὁδόν.

ΛΑΜΠΡΑΝ ΥΠΟΔΟΧΗΝ ΕΠΕΦΥΛΑΞΑΝ ΕΙΣ ΤΟΝ ΧΟΥΣΕΙΝ Η ΒΑΣΙΛΙΣΣΑ ΕΛΙΣΑΒΕΤ ΚΑΙ Ο ΠΡΙΓΚΗΨ ΦΙΛΙΠΠΟΣ

ΛΟΝΔΙΝΟΝ, 19 (Ρώυτερ).— Ὁ βασιλεὺς Χουσεΐν τῆς Ἰορδανίας ἔτυχε λαμπρᾶς ὑποδοχῆς ὑπὸ τῆς βασιλίσσης Ἐλισάβετ καὶ τοῦ πρίγκηπος Φιλίππου.

ΛΟΝΔΙΝΟΝ, 19 (Ρώυτερ).— Ὁ βασιλεὺς Χουσεΐν τῆς Ἰορδανίας ἔτυχε λαμπρᾶς ὑποδοχῆς ὑπὸ τῆς βασιλίσσης Ἐλισάβετ καὶ τοῦ πρίγκηπος Φιλίππου.

ΠΡΟΣΚΛΗΣΕΙΣ ΕΙΣ ΑΜΜΑΝ

ΛΟΝΔΙΝΟΝ, 19 (Ρώυτερ).— Ὁ βασιλεὺς Χουσεΐν ἐκάλεσε τὴν βασίλισσαν νὰ ἐπισκεφθῇ τὸ Ἀμμάν.

ΚΑΙ ΕΤΕΡΟΝ ΓΕΡΜΑΝΙΚΟΝ ΑΕΡΟΠΛΑΝΟΝ Φ-104 ΚΑΤΕΠΕΣΕ ΚΑΙ ΣΥΝΕΤΡΙΒΗ ΕΙΣ ΒΟΡ. ΘΑΛΑΣΣΑΝ

ΑΜΒΟΥΡΓΟΝ, 19 (Ἀσ. Πρέσ).— Ἕτερον ἀεροπλάνον τύπου «Στάρφάιτερ» τῆς δυτικογερμανικῆς ἀεροπορίας κατέπεσεν εἰς τὴν Βόρειον Θάλασσαν.

ΑΜΒΟΥΡΓΟΝ, 19 (Ἀσ. Πρέσ).— Ἕτερον ἀεροπλάνον τύπου «Στάρφάιτερ» τῆς δυτικογερμανικῆς ἀεροπορίας κατέπεσεν εἰς τὴν Βόρειον Θάλασσαν.

Ὡς γνωστὸν ἀπὸ τὸ 1961 ἀεροσκάφη τοῦ τύπου αὐτοῦ ἔχουν ὑποστῆ σοβαρὰ ἀτυχήματα.
